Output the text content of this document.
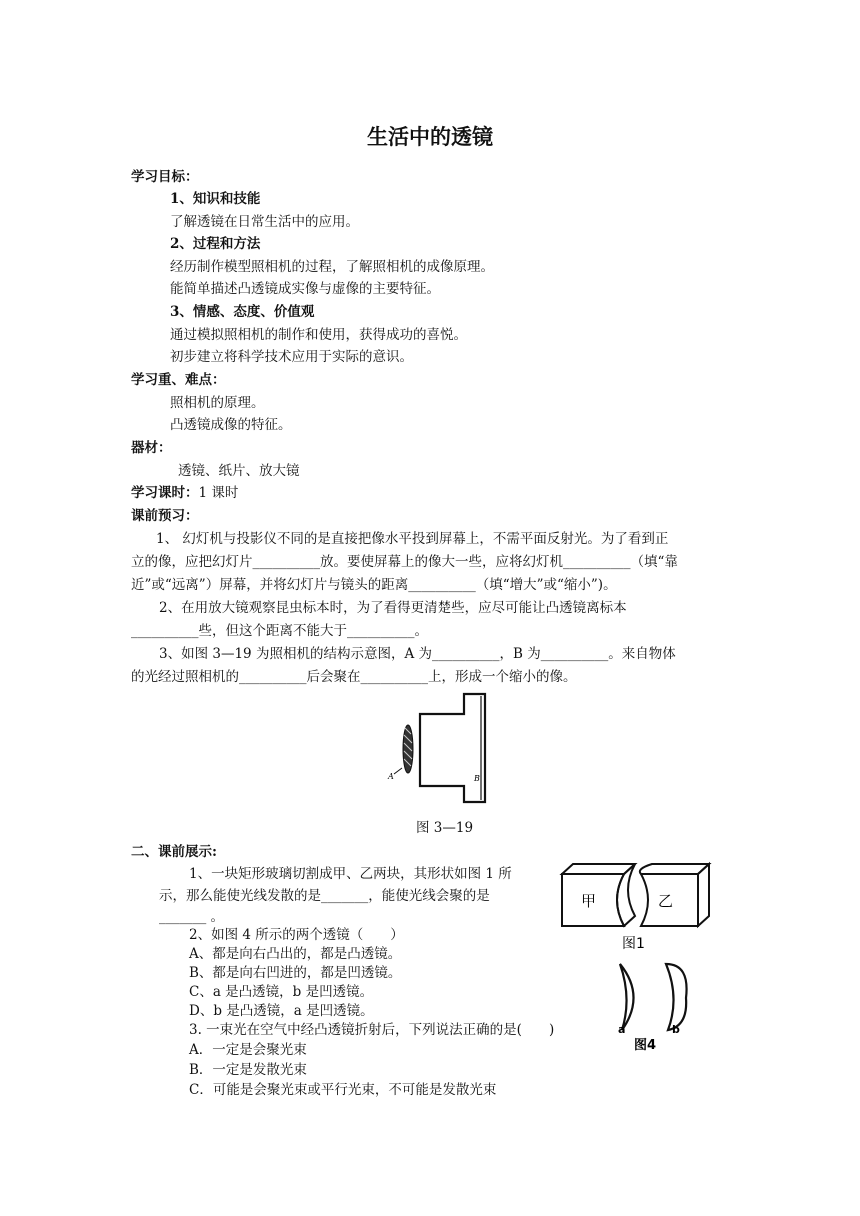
生活中的透镜
学习目标：
1、知识和技能
了解透镜在日常生活中的应用。
2、过程和方法
经历制作模型照相机的过程，了解照相机的成像原理。
能简单描述凸透镜成实像与虚像的主要特征。
3、情感、态度、价值观
通过模拟照相机的制作和使用，获得成功的喜悦。
初步建立将科学技术应用于实际的意识。
学习重、难点：
照相机的原理。
凸透镜成像的特征。
器材：
透镜、纸片、放大镜
学习课时：1 课时
课前预习：
1、 幻灯机与投影仪不同的是直接把像水平投到屏幕上，不需平面反射光。为了看到正
立的像，应把幻灯片__________放。要使屏幕上的像大一些，应将幻灯机__________（填“靠
近”或“远离”）屏幕，并将幻灯片与镜头的距离__________（填“增大”或“缩小”)。
2、在用放大镜观察昆虫标本时，为了看得更清楚些，应尽可能让凸透镜离标本
__________些，但这个距离不能大于__________。
3、如图 3—19 为照相机的结构示意图，A 为__________，B 为__________。来自物体
的光经过照相机的__________后会聚在__________上，形成一个缩小的像。
A	B
图 3—19
二、课前展示:
1、一块矩形玻璃切割成甲、乙两块，其形状如图 1 所
示，那么能使光线发散的是_______，能使光线会聚的是
_______ 。
2、如图 4 所示的两个透镜（　　）
A、都是向右凸出的，都是凸透镜。
B、都是向右凹进的，都是凹透镜。
C、a 是凸透镜，b 是凹透镜。
D、b 是凸透镜，a 是凹透镜。
3. 一束光在空气中经凸透镜折射后，下列说法正确的是(　　)
A．一定是会聚光束
B．一定是发散光束
C．可能是会聚光束或平行光束，不可能是发散光束
甲	乙
图1
a	b
图4
